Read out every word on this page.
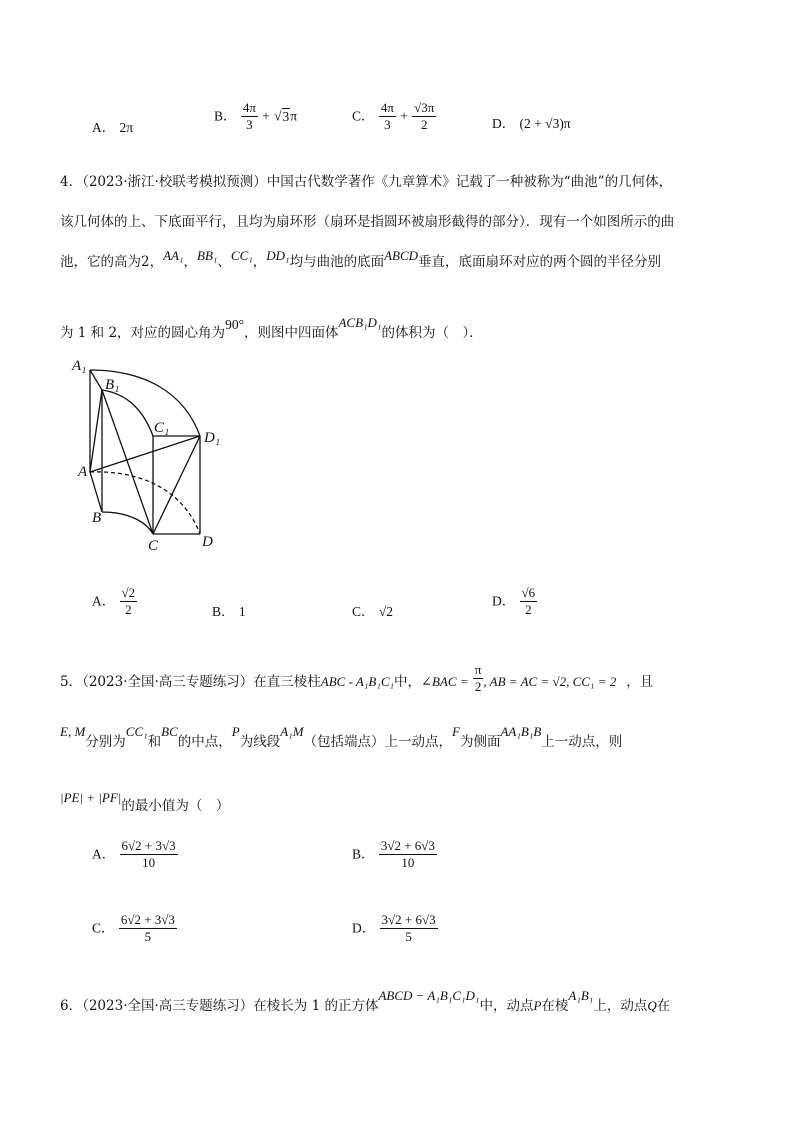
A． 2π
B． $\frac{4\pi}{3} + √3\pi$	C． $\frac{4\pi}{3} + \frac{√3\pi}{2}$	D． (2 + √3)π
4．（2023·浙江·校联考模拟预测）中国古代数学著作《九章算术》记载了一种被称为“曲池”的几何体，
该几何体的上、下底面平行，且均为扇环形（扇环是指圆环被扇形截得的部分）．现有一个如图所示的曲
池，它的高为2，AA₁，BB₁、CC₁，DD₁均与曲池的底面ABCD垂直，底面扇环对应的两个圆的半径分别
为 1 和 2，对应的圆心角为90°，则图中四面体ACB₁D₁的体积为（　）．
A₁
B₁
C₁
D₁
A
B
C	D
A． $\frac{√2}{2}$	B． 1	C． √2
D． $\frac{√6}{2}$
5．（2023·全国·高三专题练习）在直三棱柱ABC - A₁B₁C₁中，∠BAC = $\frac{\pi}{2}$ , AB = AC = √2, CC₁ = 2 ，且
E, M分别为CC₁和BC的中点，P为线段A₁M（包括端点）上一动点，F为侧面AA₁B₁B上一动点，则
|PE| + |PF|的最小值为（　）
A． $\frac{6√2 + 3√3}{10}$	B． $\frac{3√2 + 6√3}{10}$
C． $\frac{6√2 + 3√3}{5}$	D． $\frac{3√2 + 6√3}{5}$
6．（2023·全国·高三专题练习）在棱长为 1 的正方体ABCD − A₁B₁C₁D₁中，动点P在棱A₁B₁上，动点Q在
